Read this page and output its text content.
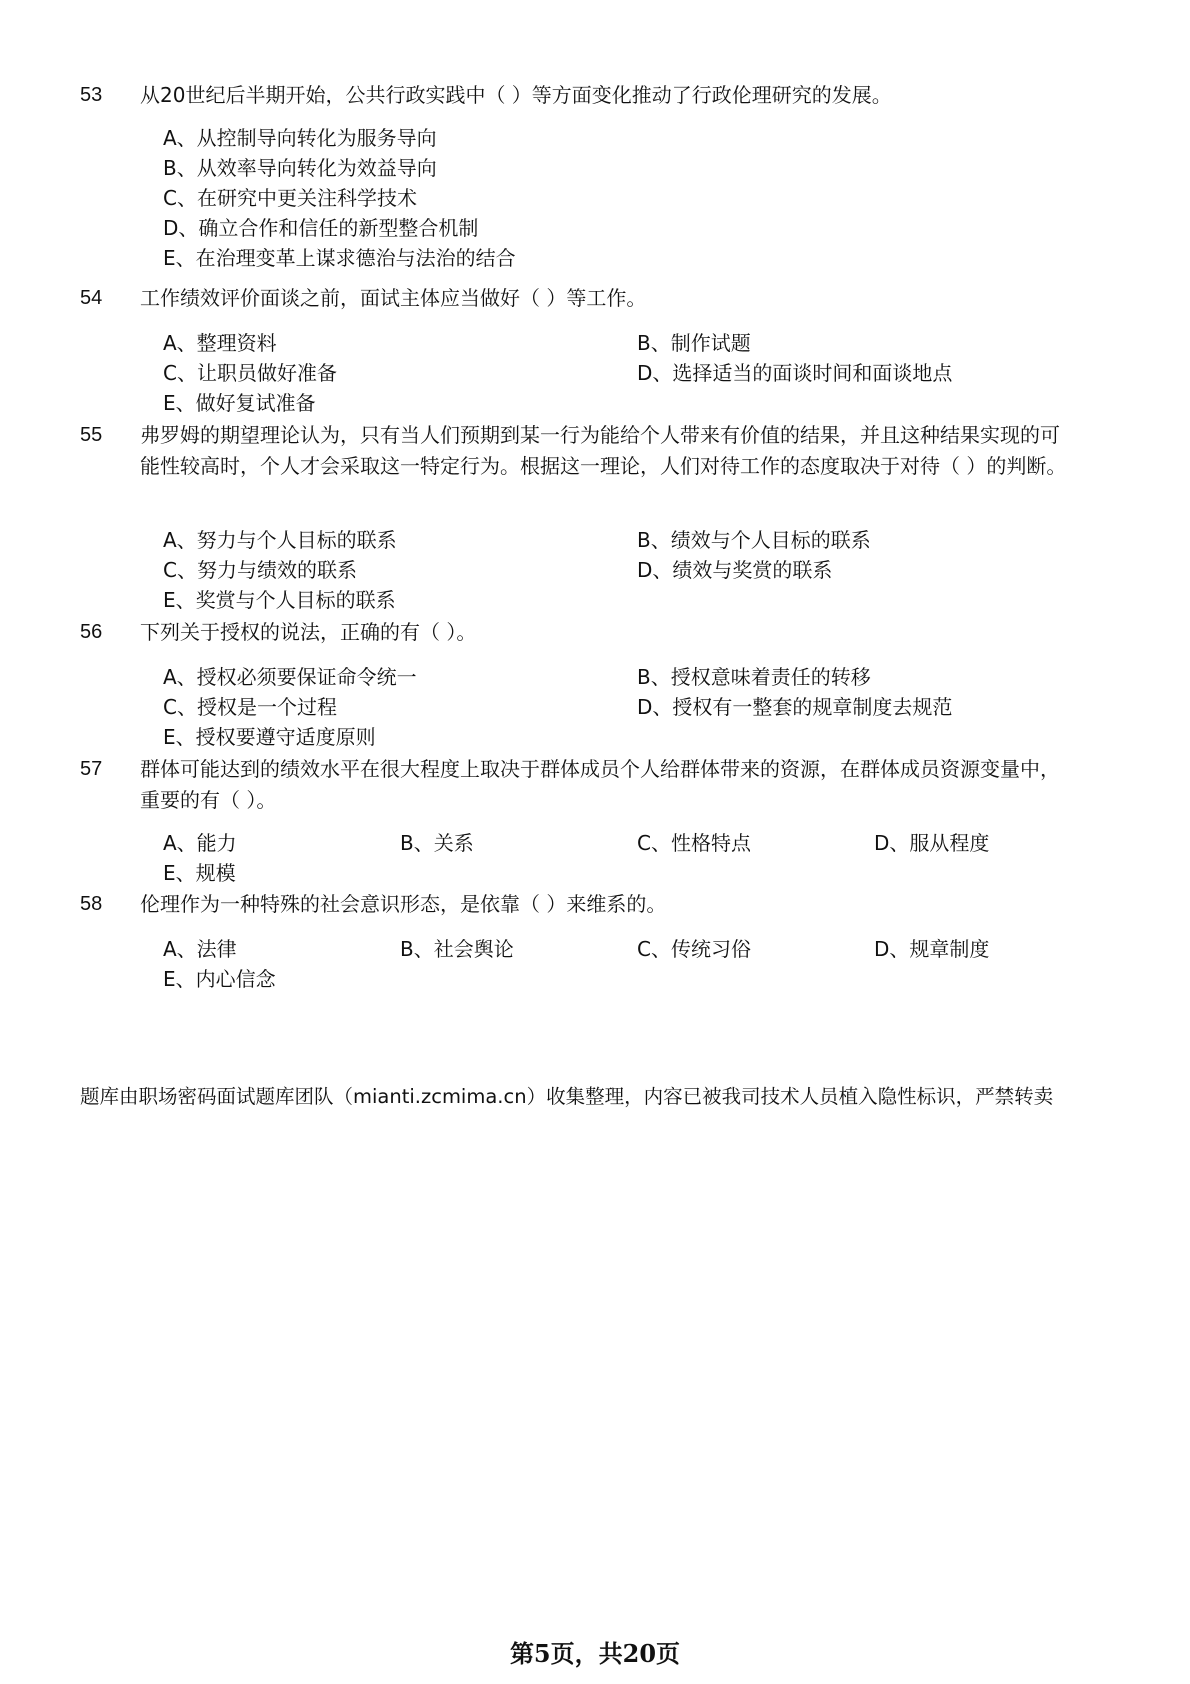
53	从20世纪后半期开始，公共行政实践中（ ）等方面变化推动了行政伦理研究的发展。
A、从控制导向转化为服务导向
B、从效率导向转化为效益导向
C、在研究中更关注科学技术
D、确立合作和信任的新型整合机制
E、在治理变革上谋求德治与法治的结合
54	工作绩效评价面谈之前，面试主体应当做好（ ）等工作。
A、整理资料	B、制作试题
C、让职员做好准备	D、选择适当的面谈时间和面谈地点
E、做好复试准备
55	弗罗姆的期望理论认为，只有当人们预期到某一行为能给个人带来有价值的结果，并且这种结果实现的可能性较高时，个人才会采取这一特定行为。根据这一理论，人们对待工作的态度取决于对待（ ）的判断。
A、努力与个人目标的联系	B、绩效与个人目标的联系
C、努力与绩效的联系	D、绩效与奖赏的联系
E、奖赏与个人目标的联系
56	下列关于授权的说法，正确的有（ ）。
A、授权必须要保证命令统一	B、授权意味着责任的转移
C、授权是一个过程	D、授权有一整套的规章制度去规范
E、授权要遵守适度原则
57	群体可能达到的绩效水平在很大程度上取决于群体成员个人给群体带来的资源，在群体成员资源变量中，重要的有（ ）。
A、能力	B、关系	C、性格特点	D、服从程度
E、规模
58	伦理作为一种特殊的社会意识形态，是依靠（ ）来维系的。
A、法律	B、社会舆论	C、传统习俗	D、规章制度
E、内心信念
题库由职场密码面试题库团队（mianti.zcmima.cn）收集整理，内容已被我司技术人员植入隐性标识，严禁转卖
第5页，共20页
